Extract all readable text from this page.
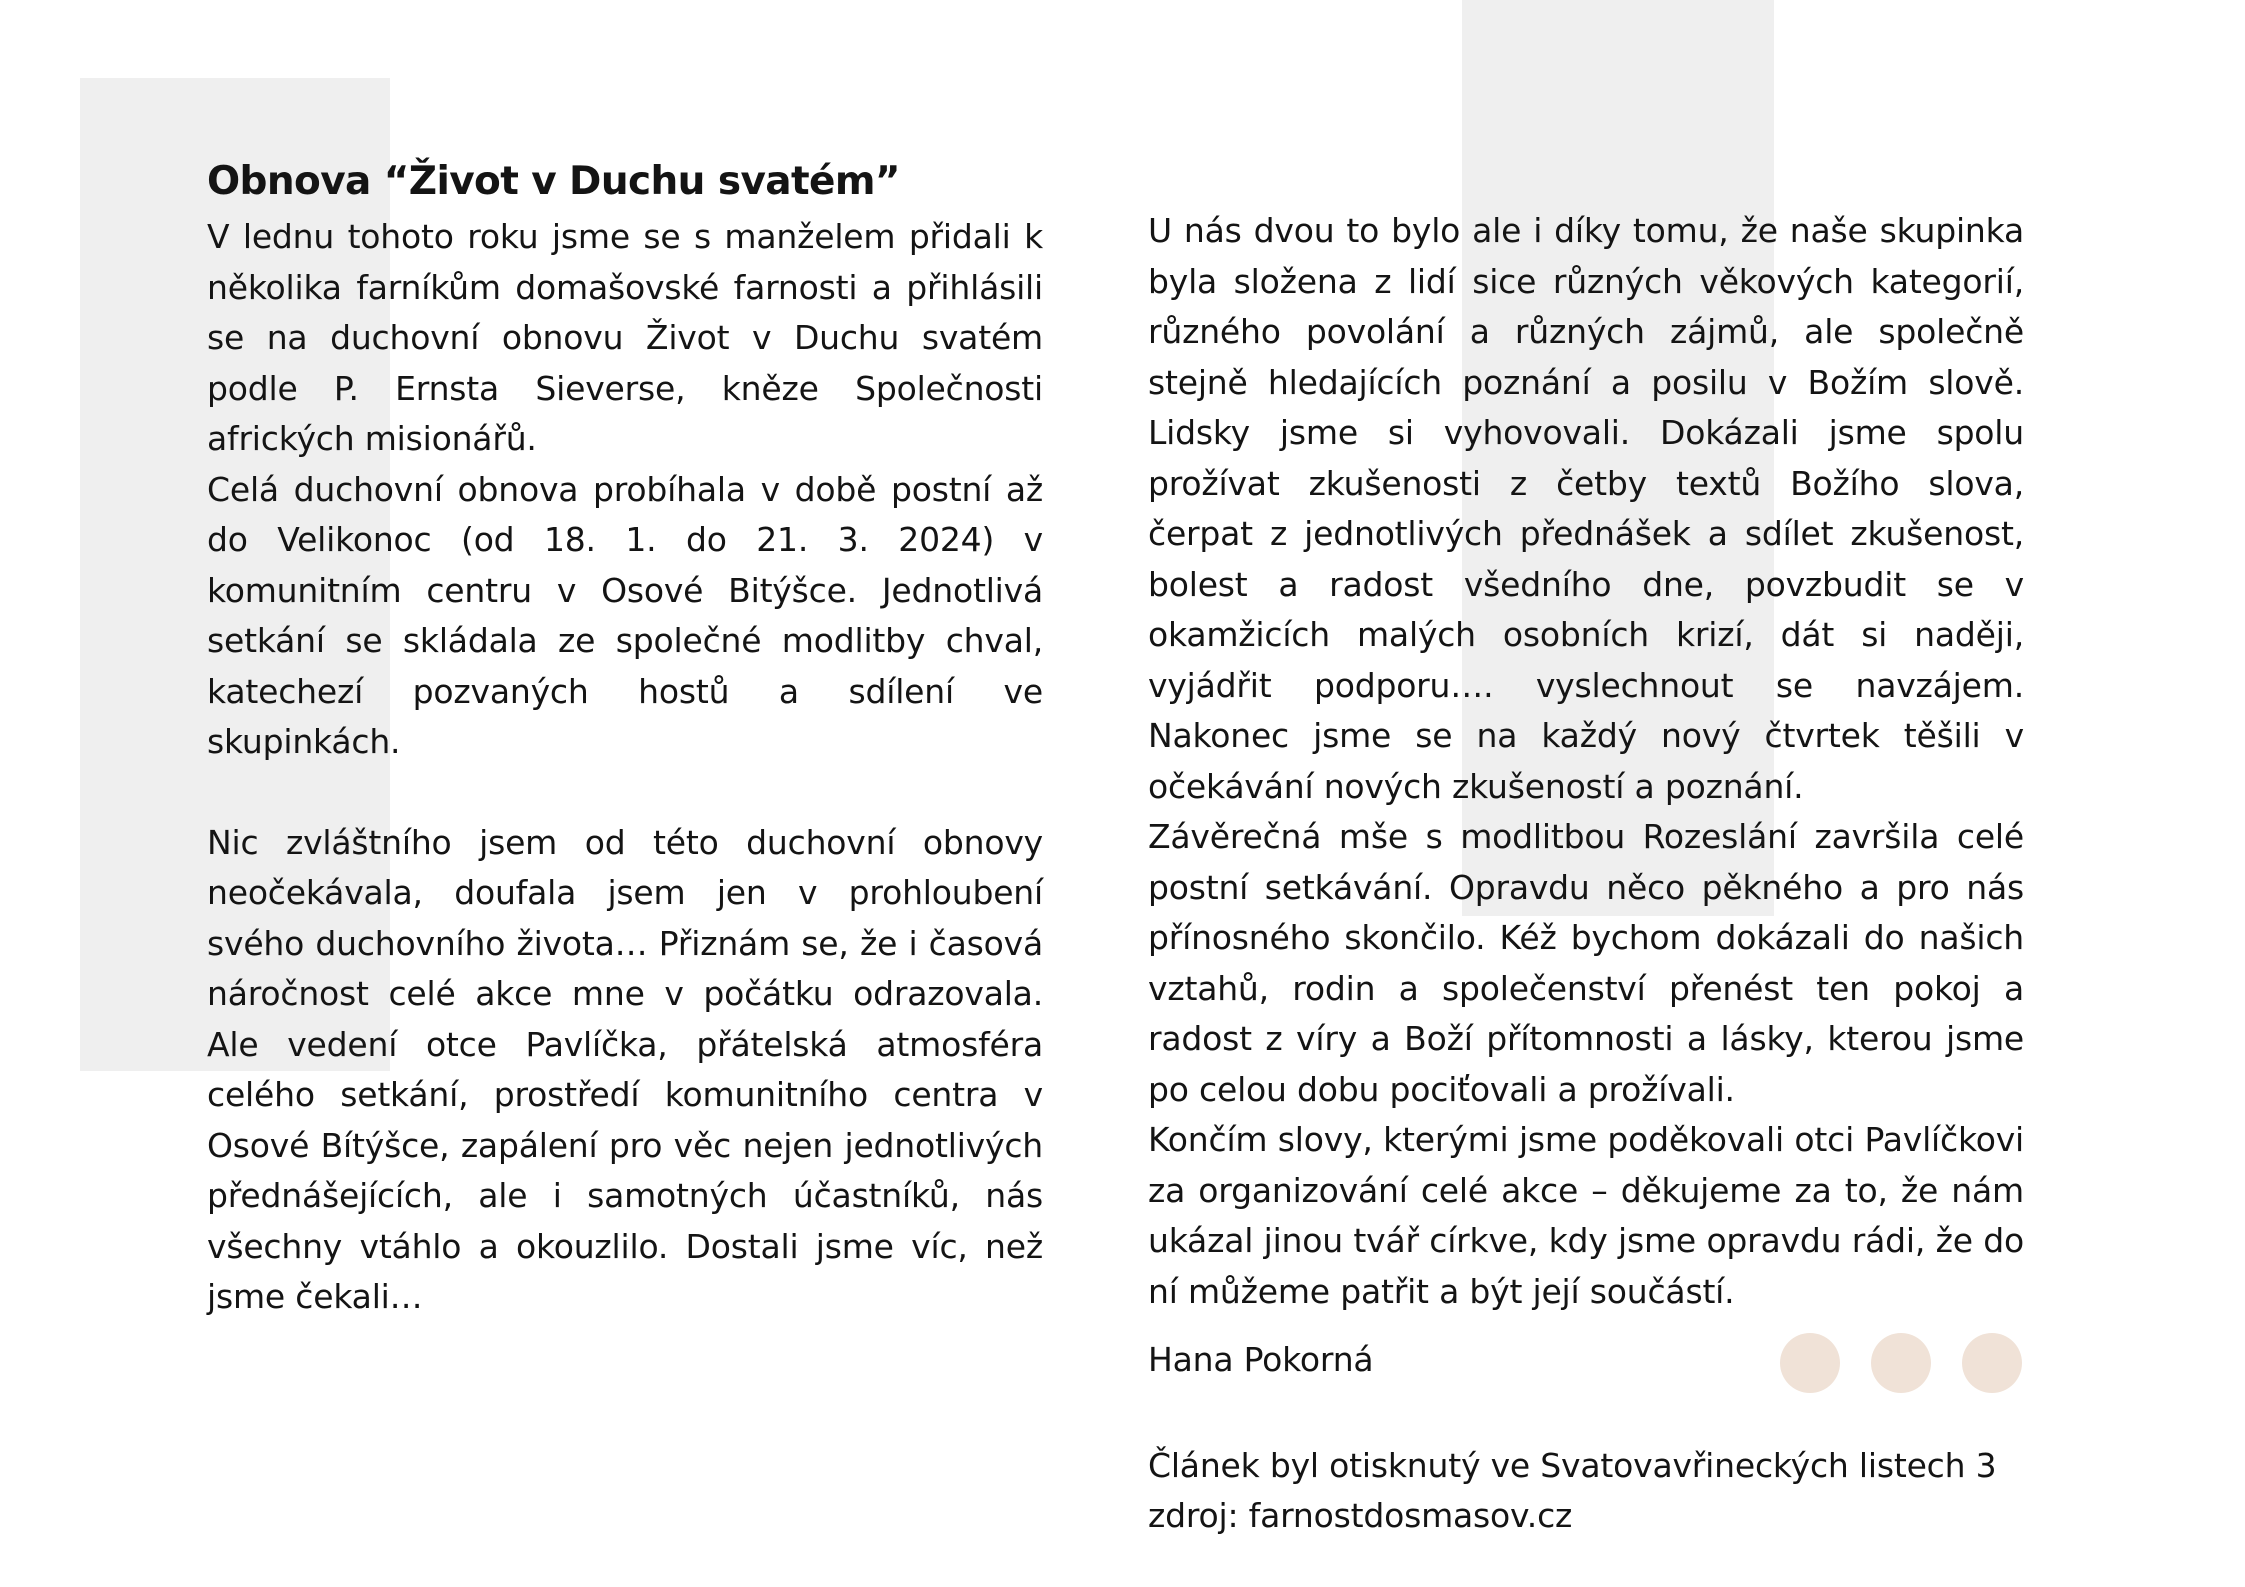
Obnova “Život v Duchu svatém”

V lednu tohoto roku jsme se s manželem přidali k několika farníkům domašovské farnosti a přihlásili se na duchovní obnovu Život v Duchu svatém podle P. Ernsta Sieverse, kněze Společnosti afrických misionářů.

Celá duchovní obnova probíhala v době postní až do Velikonoc (od 18. 1. do 21. 3. 2024) v komunitním centru v Osové Bitýšce. Jednotlivá setkání se skládala ze společné modlitby chval, katechezí pozvaných hostů a sdílení ve skupinkách.

Nic zvláštního jsem od této duchovní obnovy neočekávala, doufala jsem jen v prohloubení svého duchovního života… Přiznám se, že i časová náročnost celé akce mne v počátku odrazovala. Ale vedení otce Pavlíčka, přátelská atmosféra celého setkání, prostředí komunitního centra v Osové Bítýšce, zapálení pro věc nejen jednotlivých přednášejících, ale i samotných účastníků, nás všechny vtáhlo a okouzlilo. Dostali jsme víc, než jsme čekali…

U nás dvou to bylo ale i díky tomu, že naše skupinka byla složena z lidí sice různých věkových kategorií, různého povolání a různých zájmů, ale společně stejně hledajících poznání a posilu v Božím slově. Lidsky jsme si vyhovovali. Dokázali jsme spolu prožívat zkušenosti z četby textů Božího slova, čerpat z jednotlivých přednášek a sdílet zkušenost, bolest a radost všedního dne, povzbudit se v okamžicích malých osobních krizí, dát si naději, vyjádřit podporu…. vyslechnout se navzájem. Nakonec jsme se na každý nový čtvrtek těšili v očekávání nových zkušeností a poznání.

Závěrečná mše s modlitbou Rozeslání završila celé postní setkávání. Opravdu něco pěkného a pro nás přínosného skončilo. Kéž bychom dokázali do našich vztahů, rodin a společenství přenést ten pokoj a radost z víry a Boží přítomnosti a lásky, kterou jsme po celou dobu pociťovali a prožívali.

Končím slovy, kterými jsme poděkovali otci Pavlíčkovi za organizování celé akce – děkujeme za to, že nám ukázal jinou tvář církve, kdy jsme opravdu rádi, že do ní můžeme patřit a být její součástí.

Hana Pokorná

Článek byl otisknutý ve Svatovavřineckých listech 3

zdroj: farnostdosmasov.cz
